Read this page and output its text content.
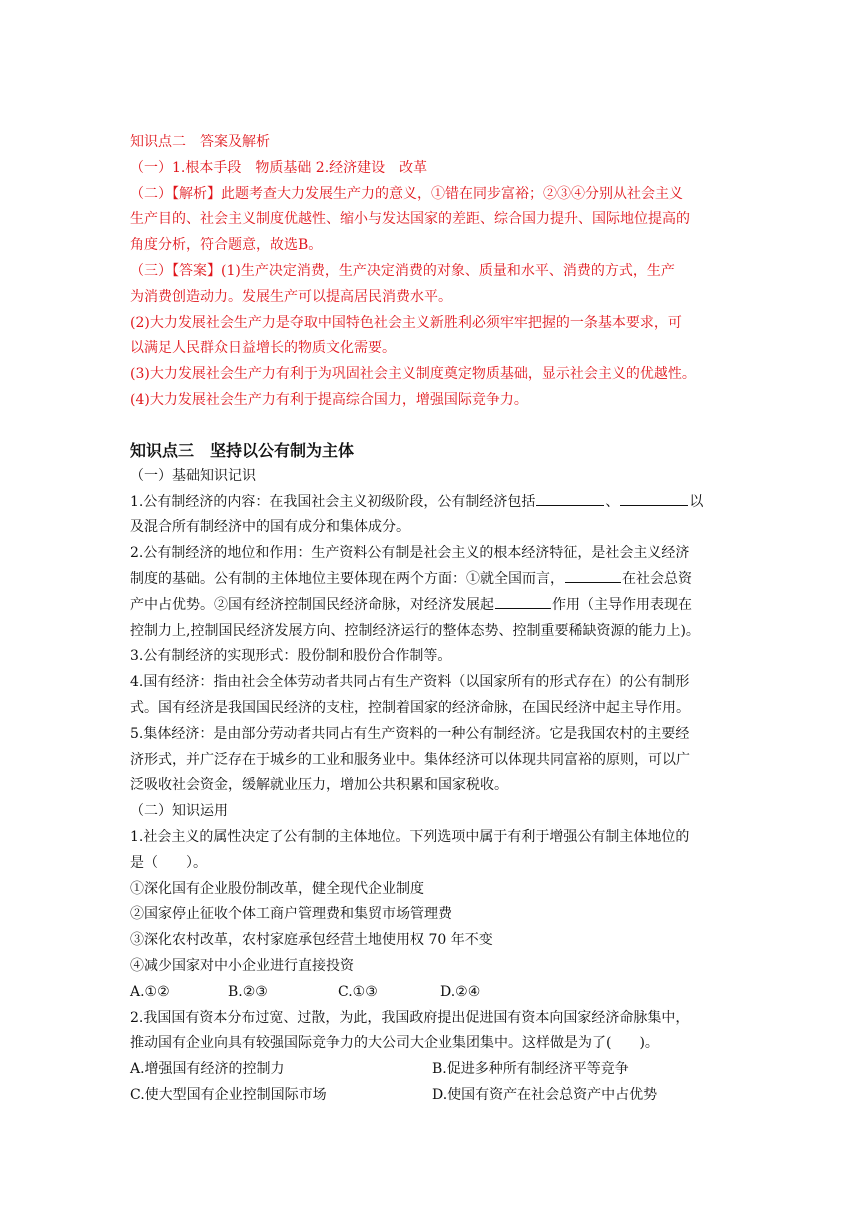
知识点二　答案及解析
（一）1.根本手段　物质基础 2.经济建设　改革
（二）【解析】此题考查大力发展生产力的意义，①错在同步富裕；②③④分别从社会主义
生产目的、社会主义制度优越性、缩小与发达国家的差距、综合国力提升、国际地位提高的
角度分析，符合题意，故选B。
（三）【答案】(1)生产决定消费，生产决定消费的对象、质量和水平、消费的方式，生产
为消费创造动力。发展生产可以提高居民消费水平。
(2)大力发展社会生产力是夺取中国特色社会主义新胜利必须牢牢把握的一条基本要求，可
以满足人民群众日益增长的物质文化需要。
(3)大力发展社会生产力有利于为巩固社会主义制度奠定物质基础，显示社会主义的优越性。
(4)大力发展社会生产力有利于提高综合国力，增强国际竞争力。
知识点三　坚持以公有制为主体
（一）基础知识记识
1.公有制经济的内容：在我国社会主义初级阶段，公有制经济包括	、	以
及混合所有制经济中的国有成分和集体成分。
2.公有制经济的地位和作用：生产资料公有制是社会主义的根本经济特征，是社会主义经济
制度的基础。公有制的主体地位主要体现在两个方面：①就全国而言，	在社会总资
产中占优势。②国有经济控制国民经济命脉，对经济发展起	作用（主导作用表现在
控制力上,控制国民经济发展方向、控制经济运行的整体态势、控制重要稀缺资源的能力上)。
3.公有制经济的实现形式：股份制和股份合作制等。
4.国有经济：指由社会全体劳动者共同占有生产资料（以国家所有的形式存在）的公有制形
式。国有经济是我国国民经济的支柱，控制着国家的经济命脉，在国民经济中起主导作用。
5.集体经济：是由部分劳动者共同占有生产资料的一种公有制经济。它是我国农村的主要经
济形式，并广泛存在于城乡的工业和服务业中。集体经济可以体现共同富裕的原则，可以广
泛吸收社会资金，缓解就业压力，增加公共积累和国家税收。
（二）知识运用
1.社会主义的属性决定了公有制的主体地位。下列选项中属于有利于增强公有制主体地位的
是（　　）。
①深化国有企业股份制改革，健全现代企业制度
②国家停止征收个体工商户管理费和集贸市场管理费
③深化农村改革，农村家庭承包经营土地使用权 70 年不变
④减少国家对中小企业进行直接投资
A.①②	B.②③	C.①③	D.②④
2.我国国有资本分布过宽、过散，为此，我国政府提出促进国有资本向国家经济命脉集中，
推动国有企业向具有较强国际竞争力的大公司大企业集团集中。这样做是为了(　　)。
A.增强国有经济的控制力	B.促进多种所有制经济平等竞争
C.使大型国有企业控制国际市场	D.使国有资产在社会总资产中占优势
